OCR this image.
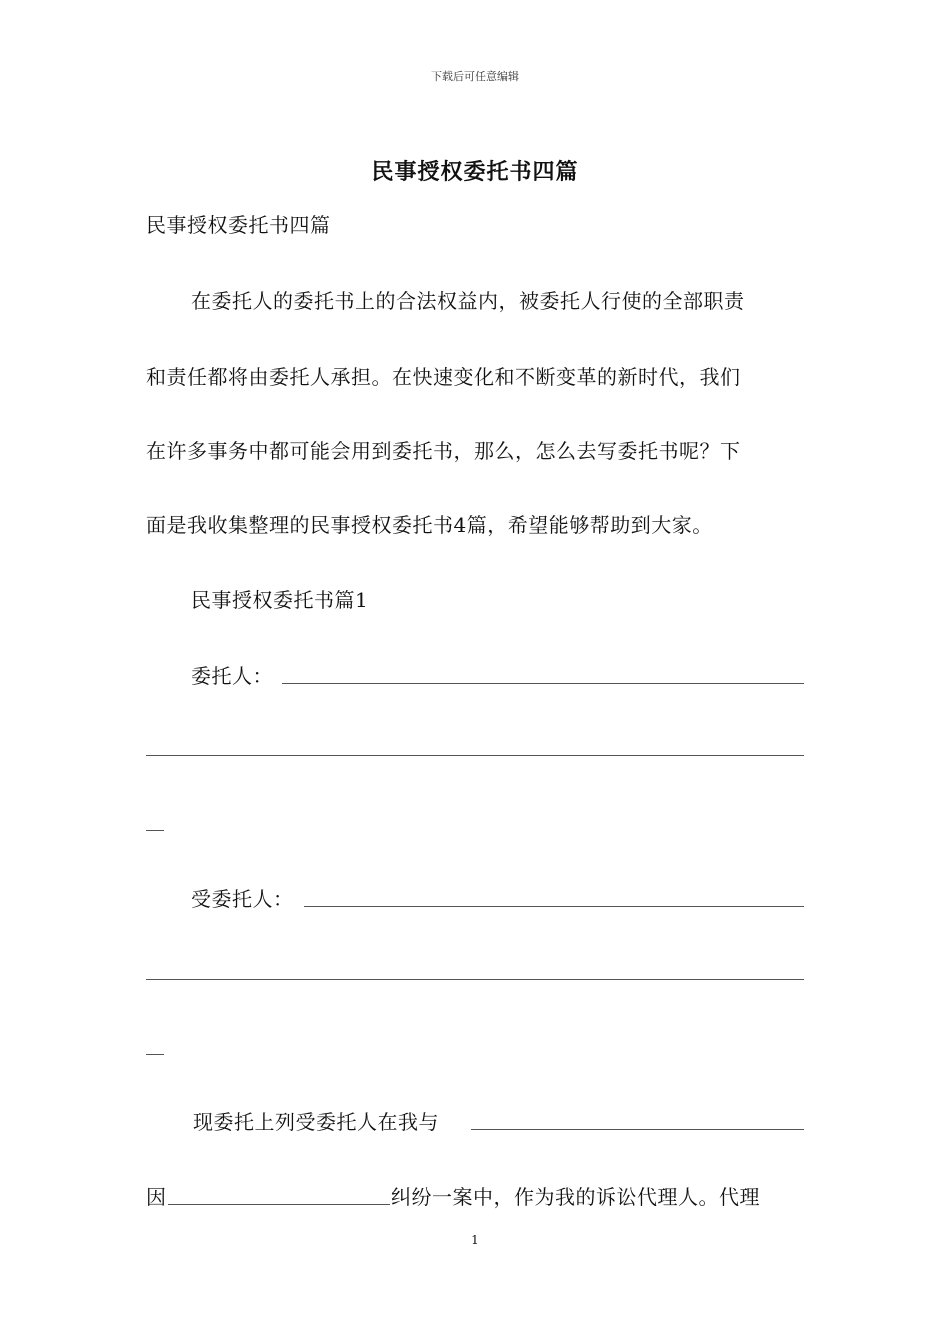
下载后可任意编辑
民事授权委托书四篇
民事授权委托书四篇
在委托人的委托书上的合法权益内，被委托人行使的全部职责
和责任都将由委托人承担。在快速变化和不断变革的新时代，我们
在许多事务中都可能会用到委托书，那么，怎么去写委托书呢？下
面是我收集整理的民事授权委托书4篇，希望能够帮助到大家。
民事授权委托书篇1
委托人：
受委托人：
现委托上列受委托人在我与
因	纠纷一案中，作为我的诉讼代理人。代理
1
